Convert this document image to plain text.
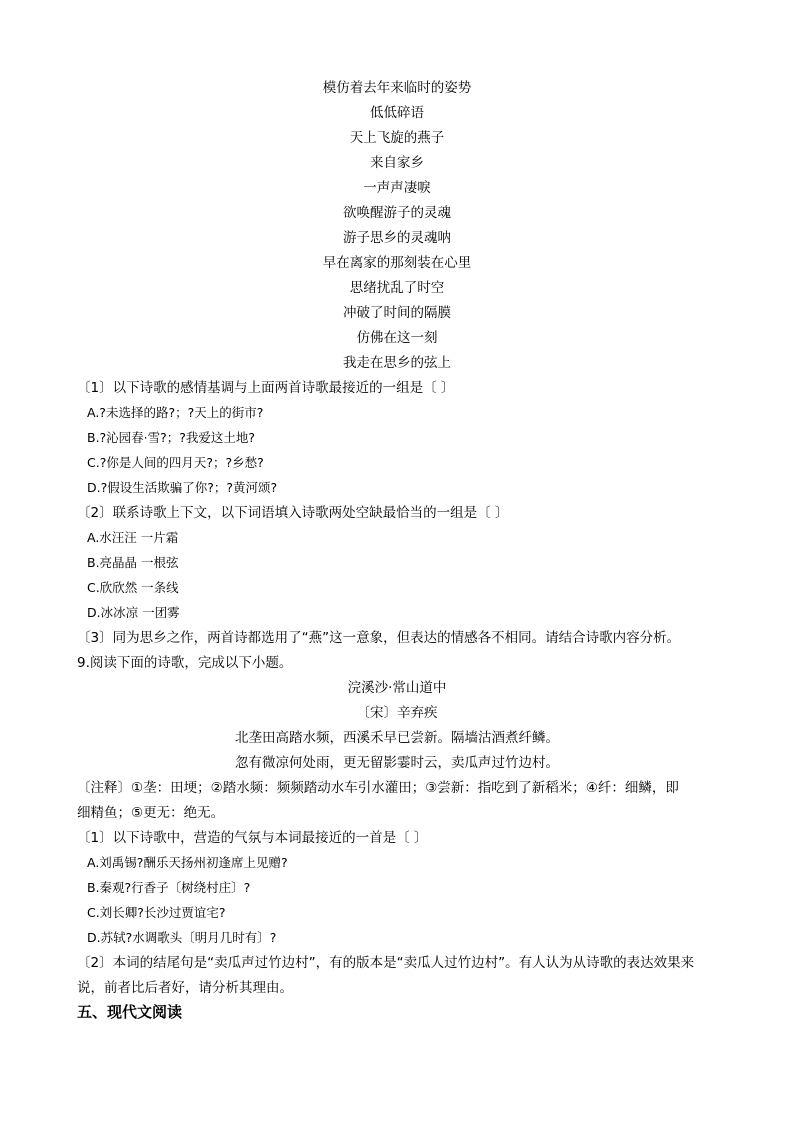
模仿着去年来临时的姿势
低低碎语
天上飞旋的燕子
来自家乡
一声声凄唳
欲唤醒游子的灵魂
游子思乡的灵魂呐
早在离家的那刻装在心里
思绪扰乱了时空
冲破了时间的隔膜
仿佛在这一刻
我走在思乡的弦上
〔1〕以下诗歌的感情基调与上面两首诗歌最接近的一组是〔 〕
A.?未选择的路?；?天上的街市?
B.?沁园春·雪?；?我爱这土地?
C.?你是人间的四月天?；?乡愁?
D.?假设生活欺骗了你?；?黄河颂?
〔2〕联系诗歌上下文，以下词语填入诗歌两处空缺最恰当的一组是〔 〕
A.水汪汪 一片霜
B.亮晶晶 一根弦
C.欣欣然 一条线
D.冰冰凉 一团雾
〔3〕同为思乡之作，两首诗都选用了“燕”这一意象，但表达的情感各不相同。请结合诗歌内容分析。
9.阅读下面的诗歌，完成以下小题。
浣溪沙·常山道中
〔宋〕辛弃疾
北垄田高踏水频，西溪禾早已尝新。隔墙沽酒煮纤鳞。
忽有微凉何处雨，更无留影霎时云，卖瓜声过竹边村。
〔注释〕①垄：田埂；②踏水频：频频踏动水车引水灌田；③尝新：指吃到了新稻米；④纤：细鳞，即
细精鱼；⑤更无：绝无。
〔1〕以下诗歌中，营造的气氛与本词最接近的一首是〔 〕
A.刘禹锡?酬乐天扬州初逢席上见赠?
B.秦观?行香子〔树绕村庄〕?
C.刘长卿?长沙过贾谊宅?
D.苏轼?水调歌头〔明月几时有〕?
〔2〕本词的结尾句是“卖瓜声过竹边村”，有的版本是“卖瓜人过竹边村”。有人认为从诗歌的表达效果来
说，前者比后者好，请分析其理由。
五、现代文阅读
